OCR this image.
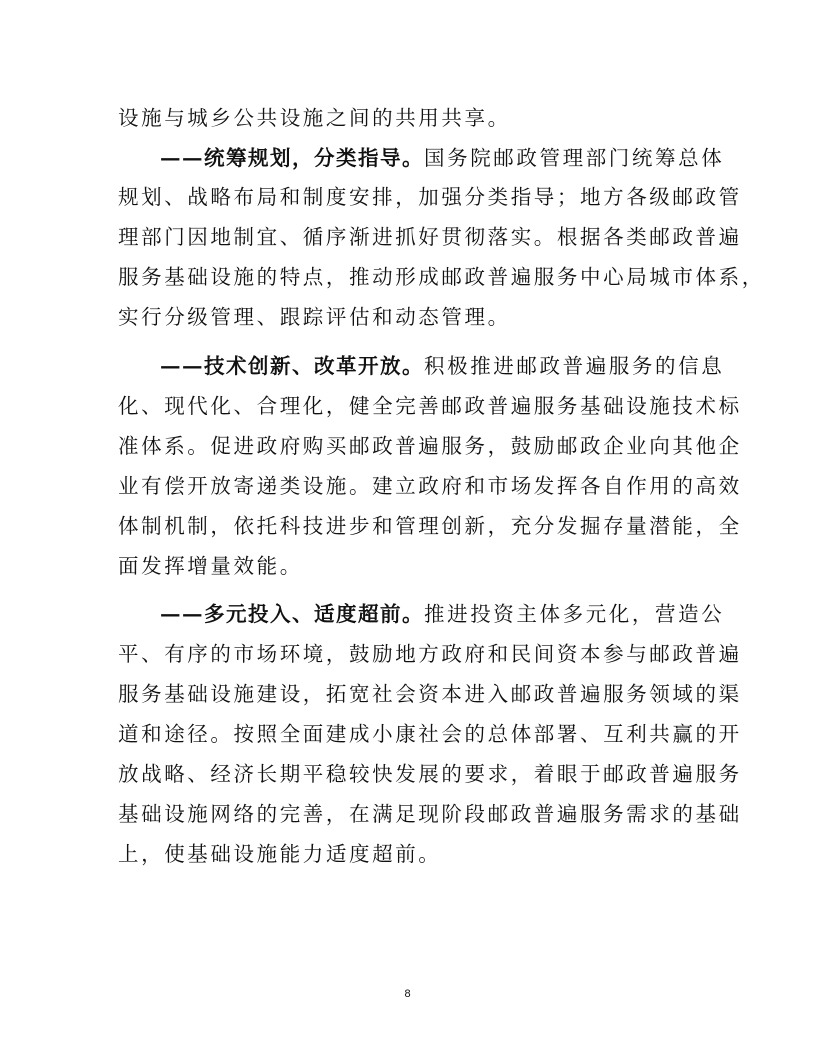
设施与城乡公共设施之间的共用共享。
——统筹规划，分类指导。国务院邮政管理部门统筹总体
规划、战略布局和制度安排，加强分类指导；地方各级邮政管
理部门因地制宜、循序渐进抓好贯彻落实。根据各类邮政普遍
服务基础设施的特点，推动形成邮政普遍服务中心局城市体系，
实行分级管理、跟踪评估和动态管理。
——技术创新、改革开放。积极推进邮政普遍服务的信息
化、现代化、合理化，健全完善邮政普遍服务基础设施技术标
准体系。促进政府购买邮政普遍服务，鼓励邮政企业向其他企
业有偿开放寄递类设施。建立政府和市场发挥各自作用的高效
体制机制，依托科技进步和管理创新，充分发掘存量潜能，全
面发挥增量效能。
——多元投入、适度超前。推进投资主体多元化，营造公
平、有序的市场环境，鼓励地方政府和民间资本参与邮政普遍
服务基础设施建设，拓宽社会资本进入邮政普遍服务领域的渠
道和途径。按照全面建成小康社会的总体部署、互利共赢的开
放战略、经济长期平稳较快发展的要求，着眼于邮政普遍服务
基础设施网络的完善，在满足现阶段邮政普遍服务需求的基础
上，使基础设施能力适度超前。
8
